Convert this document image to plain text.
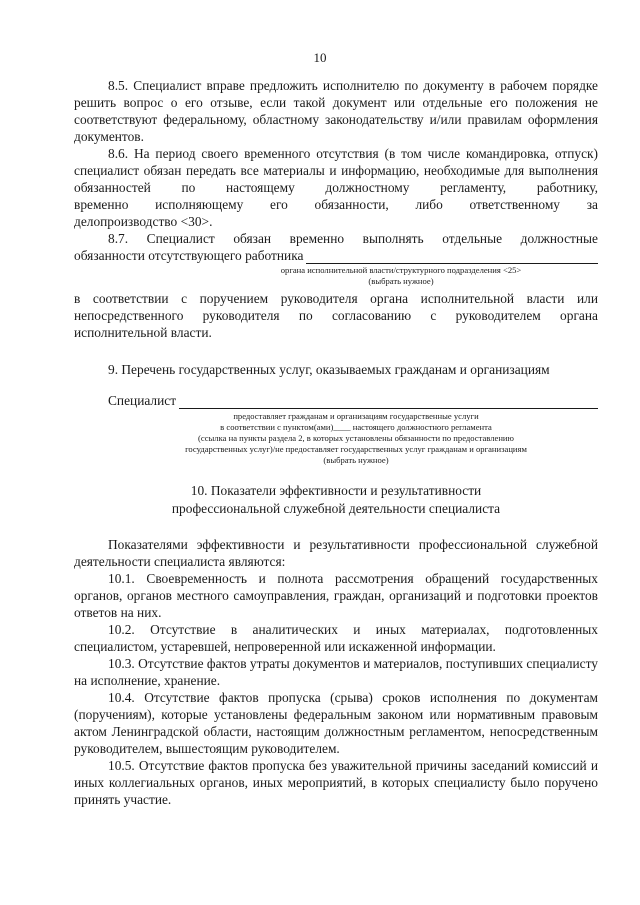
10

8.5. Специалист вправе предложить исполнителю по документу в рабочем порядке решить вопрос о его отзыве, если такой документ или отдельные его положения не соответствуют федеральному, областному законодательству и/или правилам оформления документов.

8.6. На период своего временного отсутствия (в том числе командировка, отпуск) специалист обязан передать все материалы и информацию, необходимые для выполнения обязанностей по настоящему должностному регламенту, работнику,

временно исполняющему его обязанности, либо ответственному за
делопроизводство <30>.
8.7. Специалист обязан временно выполнять отдельные должностные
обязанности отсутствующего работника

органа исполнительной власти/структурного подразделения <25>

(выбрать нужное)

в соответствии с поручением руководителя органа исполнительной власти или непосредственного руководителя по согласованию с руководителем органа исполнительной власти.

9. Перечень государственных услуг, оказываемых гражданам и организациям

Специалист

предоставляет гражданам и организациям государственные услуги

в соответствии с пунктом(ами)____ настоящего должностного регламента

(ссылка на пункты раздела 2, в которых установлены обязанности по предоставлению

государственных услуг)/не предоставляет государственных услуг гражданам и организациям

(выбрать нужное)

10. Показатели эффективности и результативности

профессиональной служебной деятельности специалиста

Показателями эффективности и результативности профессиональной служебной деятельности специалиста являются:

10.1. Своевременность и полнота рассмотрения обращений государственных органов, органов местного самоуправления, граждан, организаций и подготовки проектов ответов на них.

10.2. Отсутствие в аналитических и иных материалах, подготовленных специалистом, устаревшей, непроверенной или искаженной информации.

10.3. Отсутствие фактов утраты документов и материалов, поступивших специалисту на исполнение, хранение.

10.4. Отсутствие фактов пропуска (срыва) сроков исполнения по документам (поручениям), которые установлены федеральным законом или нормативным правовым актом Ленинградской области, настоящим должностным регламентом, непосредственным руководителем, вышестоящим руководителем.

10.5. Отсутствие фактов пропуска без уважительной причины заседаний комиссий и иных коллегиальных органов, иных мероприятий, в которых специалисту было поручено принять участие.
